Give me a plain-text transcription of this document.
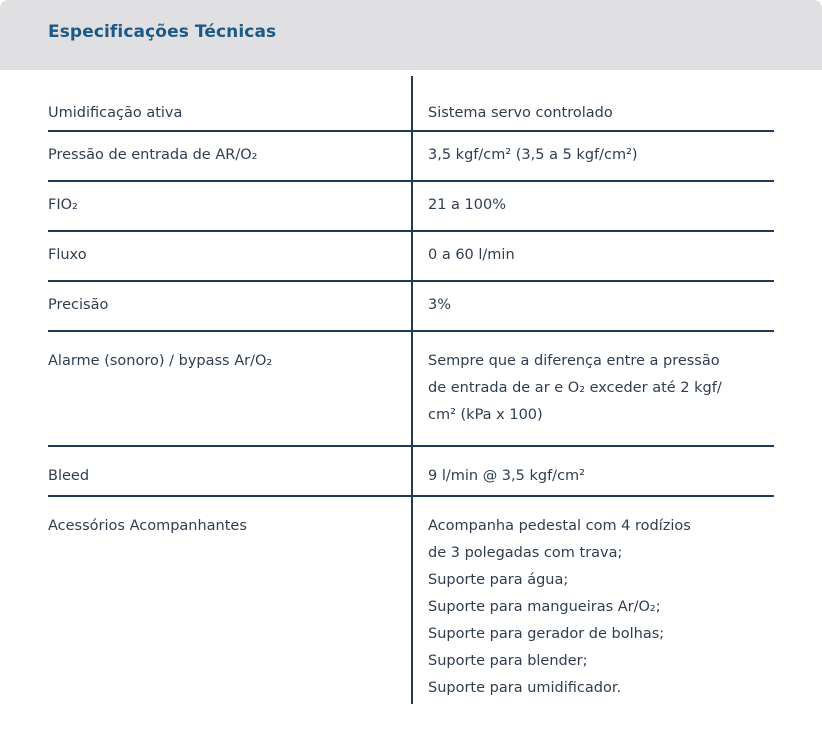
Especificações Técnicas
Umidificação ativa	Sistema servo controlado
Pressão de entrada de AR/O₂	3,5 kgf/cm² (3,5 a 5 kgf/cm²)
FIO₂	21 a 100%
Fluxo	0 a 60 l/min
Precisão	3%
Alarme (sonoro) / bypass Ar/O₂	Sempre que a diferença entre a pressão
de entrada de ar e O₂ exceder até 2 kgf/
cm² (kPa x 100)
Bleed	9 l/min @ 3,5 kgf/cm²
Acessórios Acompanhantes	Acompanha pedestal com 4 rodízios
de 3 polegadas com trava;
Suporte para água;
Suporte para mangueiras Ar/O₂;
Suporte para gerador de bolhas;
Suporte para blender;
Suporte para umidificador.
